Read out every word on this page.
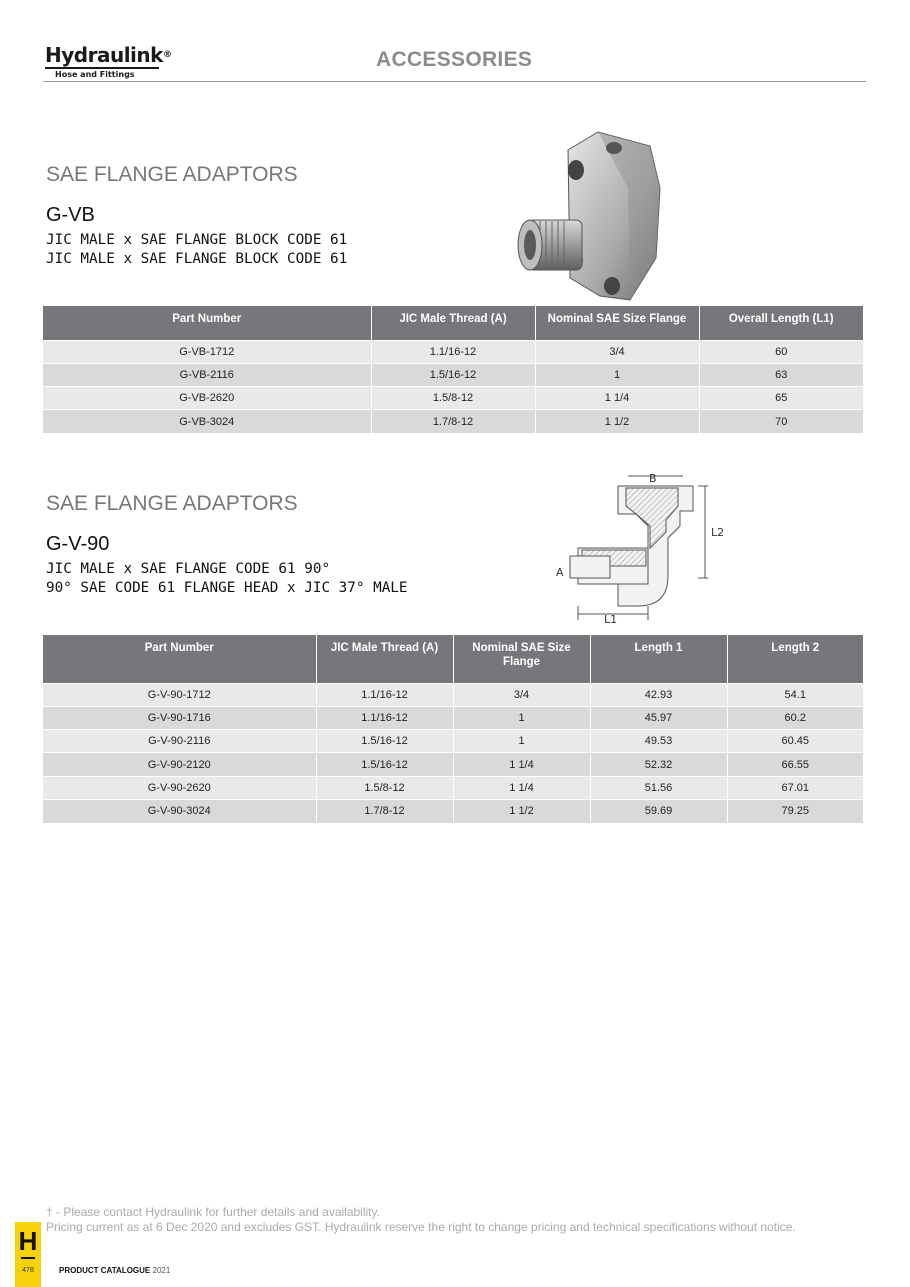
Hydraulink®
Hose and Fittings
ACCESSORIES
SAE FLANGE ADAPTORS
G-VB
JIC MALE x SAE FLANGE BLOCK CODE 61
JIC MALE x SAE FLANGE BLOCK CODE 61
Part Number	JIC Male Thread (A)	Nominal SAE Size Flange	Overall Length (L1)
G-VB-1712	1.1/16-12	3/4	60
G-VB-2116	1.5/16-12	1	63
G-VB-2620	1.5/8-12	1 1/4	65
G-VB-3024	1.7/8-12	1 1/2	70
SAE FLANGE ADAPTORS
G-V-90
JIC MALE x SAE FLANGE CODE 61 90°
90° SAE CODE 61 FLANGE HEAD x JIC 37° MALE
B
L2
A
L1
Part Number	JIC Male Thread (A)	Nominal SAE Size Flange	Length 1	Length 2
G-V-90-1712	1.1/16-12	3/4	42.93	54.1
G-V-90-1716	1.1/16-12	1	45.97	60.2
G-V-90-2116	1.5/16-12	1	49.53	60.45
G-V-90-2120	1.5/16-12	1 1/4	52.32	66.55
G-V-90-2620	1.5/8-12	1 1/4	51.56	67.01
G-V-90-3024	1.7/8-12	1 1/2	59.69	79.25
† - Please contact Hydraulink for further details and availability.
Pricing current as at 6 Dec 2020 and excludes GST. Hydraulink reserve the right to change pricing and technical specifications without notice.
H
478	PRODUCT CATALOGUE 2021
